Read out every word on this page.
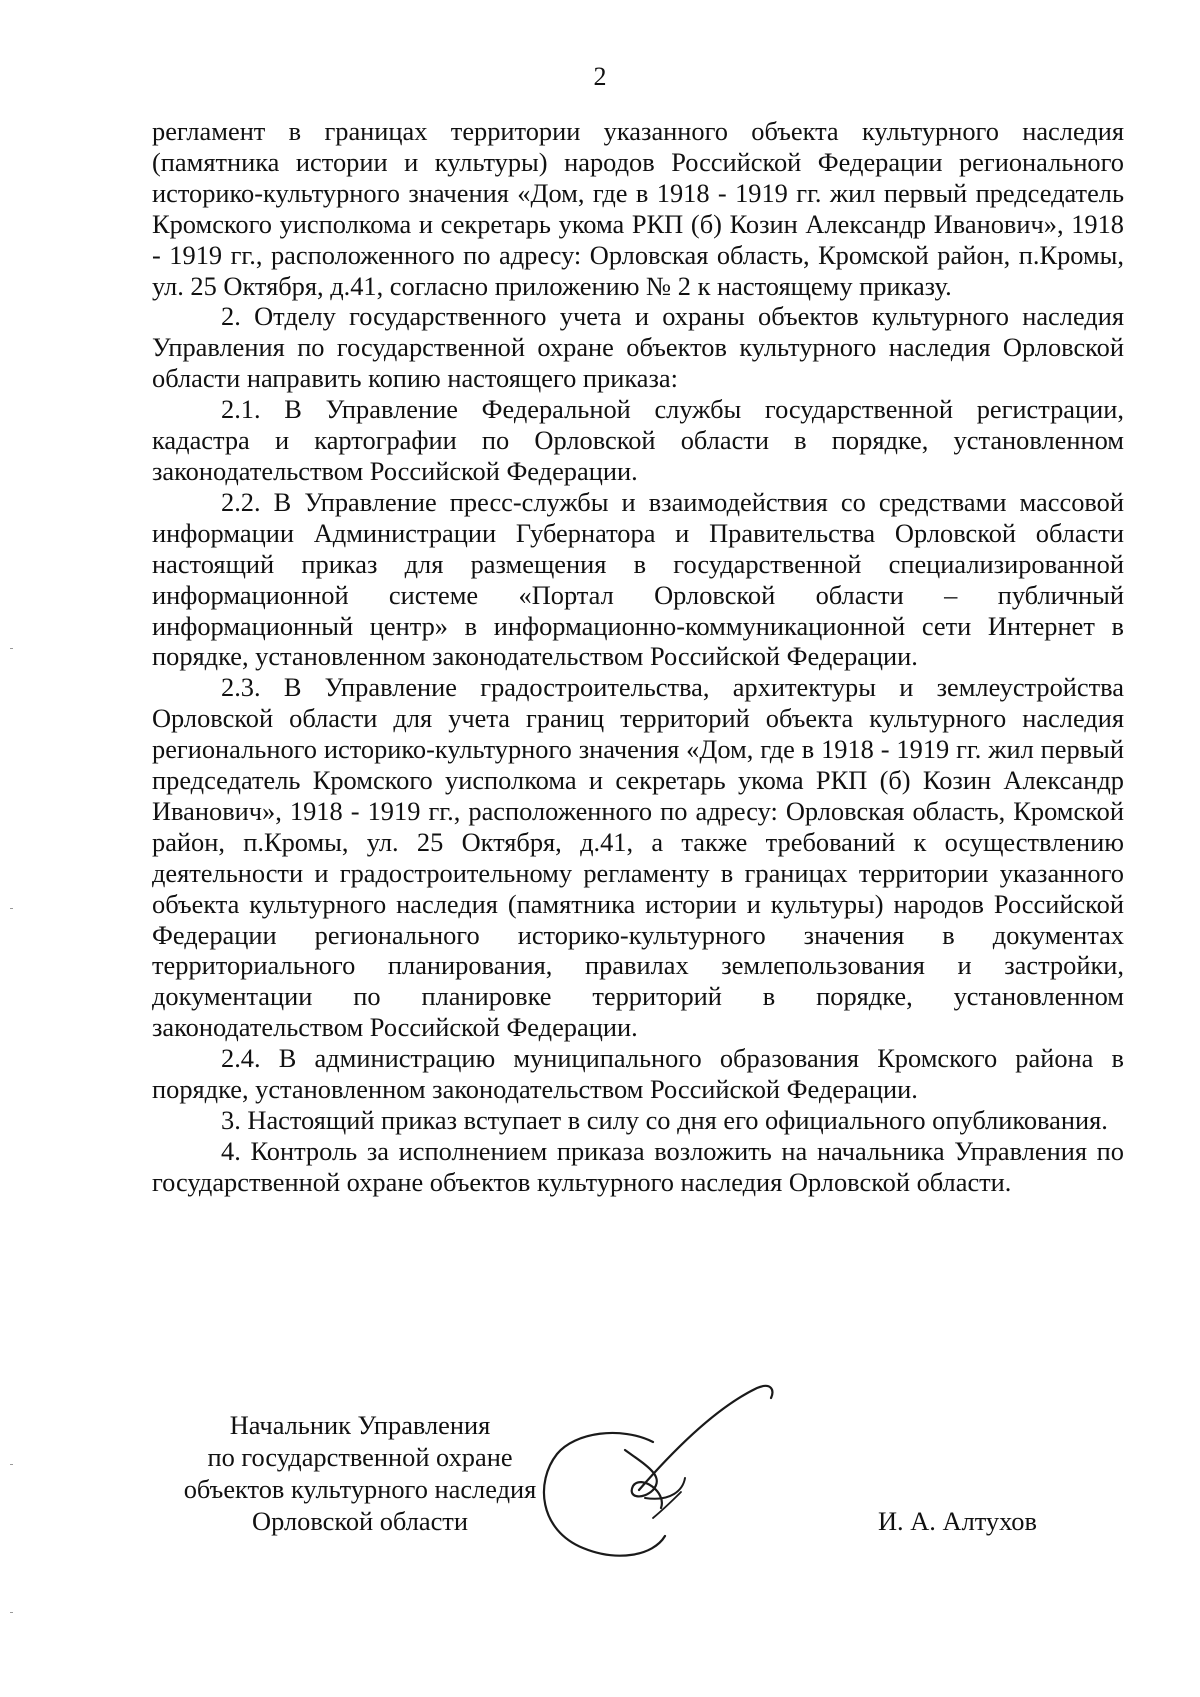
2

регламент в границах территории указанного объекта культурного наследия (памятника истории и культуры) народов Российской Федерации регионального историко-культурного значения «Дом, где в 1918 - 1919 гг. жил первый председатель Кромского уисполкома и секретарь укома РКП (б) Козин Александр Иванович», 1918 - 1919 гг., расположенного по адресу: Орловская область, Кромской район, п.Кромы, ул. 25 Октября, д.41, согласно приложению № 2 к настоящему приказу.

2. Отделу государственного учета и охраны объектов культурного наследия Управления по государственной охране объектов культурного наследия Орловской области направить копию настоящего приказа:

2.1. В Управление Федеральной службы государственной регистрации, кадастра и картографии по Орловской области в порядке, установленном законодательством Российской Федерации.

2.2. В Управление пресс-службы и взаимодействия со средствами массовой информации Администрации Губернатора и Правительства Орловской области настоящий приказ для размещения в государственной специализированной информационной системе «Портал Орловской области – публичный информационный центр» в информационно-коммуникационной сети Интернет в порядке, установленном законодательством Российской Федерации.

2.3. В Управление градостроительства, архитектуры и землеустройства Орловской области для учета границ территорий объекта культурного наследия регионального историко-культурного значения «Дом, где в 1918 - 1919 гг. жил первый председатель Кромского уисполкома и секретарь укома РКП (б) Козин Александр Иванович», 1918 - 1919 гг., расположенного по адресу: Орловская область, Кромской район, п.Кромы, ул. 25 Октября, д.41, а также требований к осуществлению деятельности и градостроительному регламенту в границах территории указанного объекта культурного наследия (памятника истории и культуры) народов Российской Федерации регионального историко-культурного значения в документах территориального планирования, правилах землепользования и застройки, документации по планировке территорий в порядке, установленном законодательством Российской Федерации.

2.4. В администрацию муниципального образования Кромского района в порядке, установленном законодательством Российской Федерации.

3. Настоящий приказ вступает в силу со дня его официального опубликования.

4. Контроль за исполнением приказа возложить на начальника Управления по государственной охране объектов культурного наследия Орловской области.

Начальник Управления
по государственной охране
объектов культурного наследия
Орловской области	И. А. Алтухов
